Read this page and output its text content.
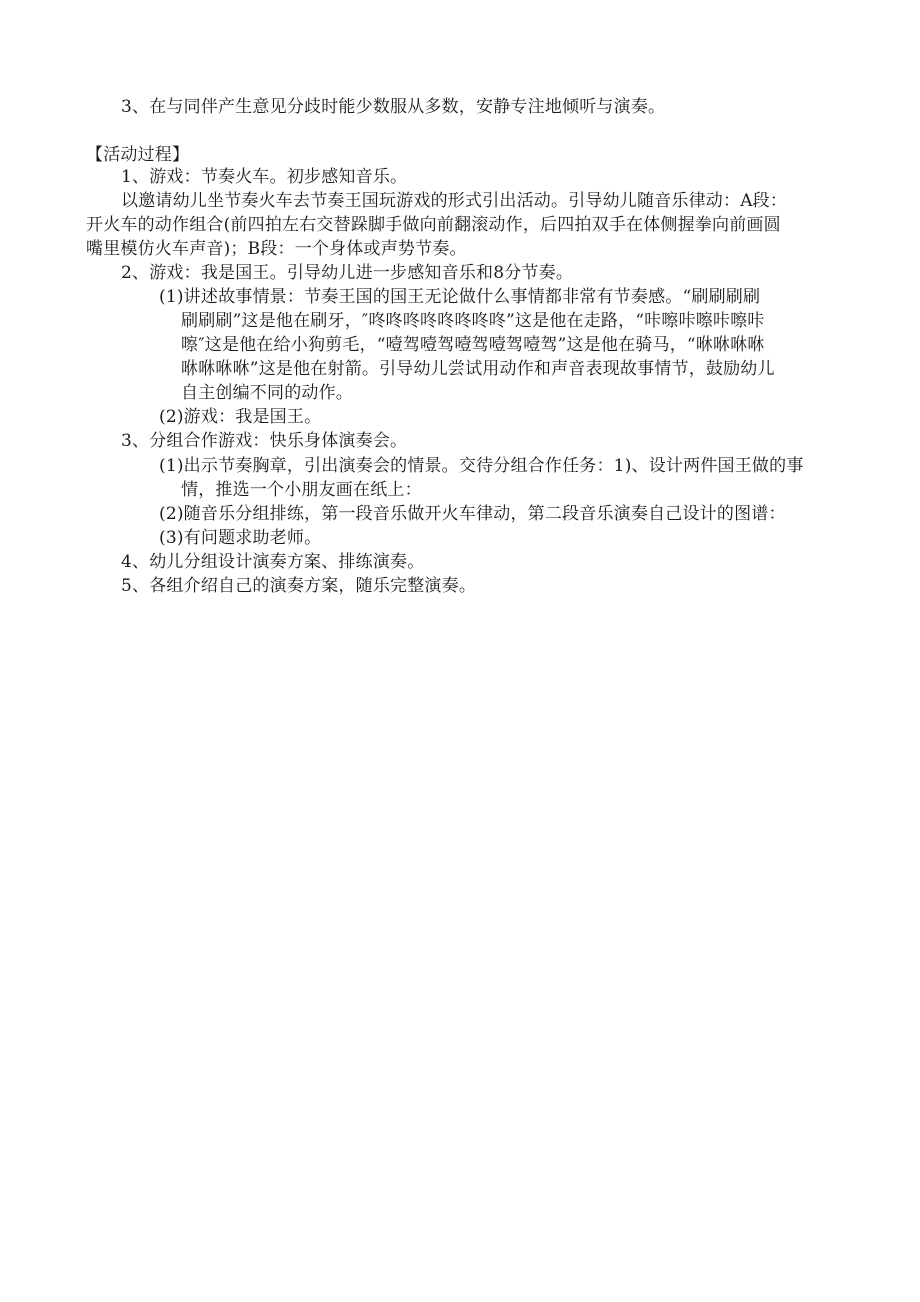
3、在与同伴产生意见分歧时能少数服从多数，安静专注地倾听与演奏。
【活动过程】
1、游戏：节奏火车。初步感知音乐。
以邀请幼儿坐节奏火车去节奏王国玩游戏的形式引出活动。引导幼儿随音乐律动：A段：
开火车的动作组合(前四拍左右交替跺脚手做向前翻滚动作，后四拍双手在体侧握拳向前画圆
嘴里模仿火车声音)；B段：一个身体或声势节奏。
2、游戏：我是国王。引导幼儿进一步感知音乐和8分节奏。
(1)讲述故事情景：节奏王国的国王无论做什么事情都非常有节奏感。“刷刷刷刷
刷刷刷”这是他在刷牙，″咚咚咚咚咚咚咚咚”这是他在走路，“咔嚓咔嚓咔嚓咔
嚓″这是他在给小狗剪毛，“噎驾噎驾噎驾噎驾噎驾”这是他在骑马，“咻咻咻咻
咻咻咻咻”这是他在射箭。引导幼儿尝试用动作和声音表现故事情节，鼓励幼儿
自主创编不同的动作。
(2)游戏：我是国王。
3、分组合作游戏：快乐身体演奏会。
(1)出示节奏胸章，引出演奏会的情景。交待分组合作任务：1)、设计两件国王做的事
情，推选一个小朋友画在纸上：
(2)随音乐分组排练，第一段音乐做开火车律动，第二段音乐演奏自己设计的图谱：
(3)有问题求助老师。
4、幼儿分组设计演奏方案、排练演奏。
5、各组介绍自己的演奏方案，随乐完整演奏。
